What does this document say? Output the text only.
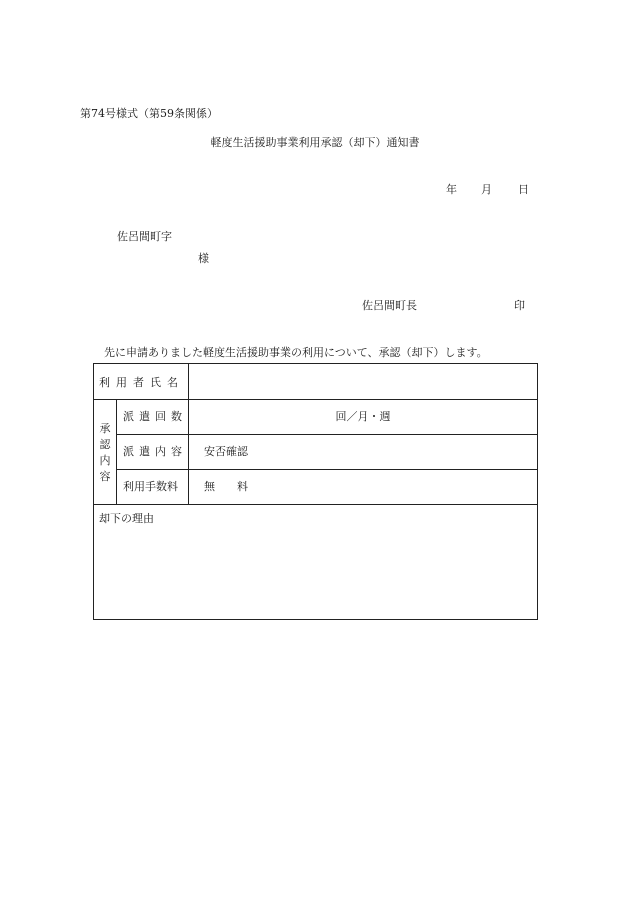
第74号様式（第59条関係）
軽度生活援助事業利用承認（却下）通知書
年 月 日
佐呂間町字
様
佐呂間町長	印
先に申請ありました軽度生活援助事業の利用について、承認（却下）します。
利用者氏名
承
認
内
容
派遣回数	回／月・週
派遣内容 安否確認
利用手数料 無　　料
却下の理由
